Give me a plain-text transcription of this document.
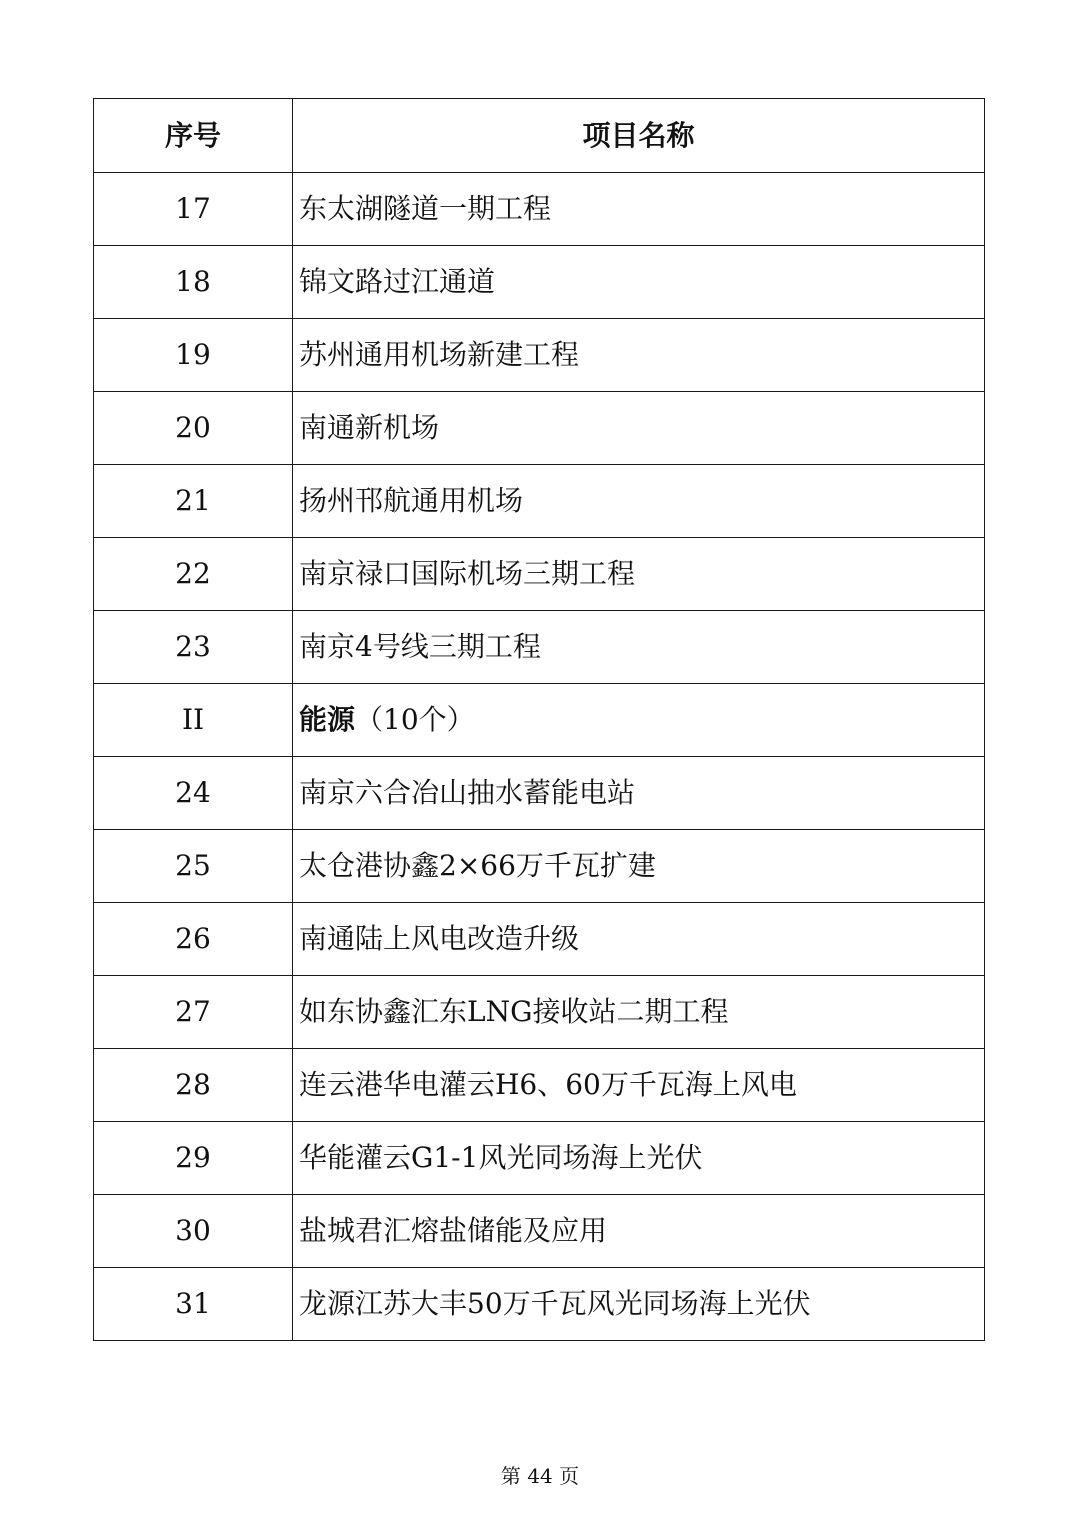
序号	项目名称
17	东太湖隧道一期工程
18	锦文路过江通道
19	苏州通用机场新建工程
20	南通新机场
21	扬州邗航通用机场
22	南京禄口国际机场三期工程
23	南京4号线三期工程
II	能源（10个）
24	南京六合冶山抽水蓄能电站
25	太仓港协鑫2×66万千瓦扩建
26	南通陆上风电改造升级
27	如东协鑫汇东LNG接收站二期工程
28	连云港华电灌云H6、60万千瓦海上风电
29	华能灌云G1-1风光同场海上光伏
30	盐城君汇熔盐储能及应用
31	龙源江苏大丰50万千瓦风光同场海上光伏
第 44 页
